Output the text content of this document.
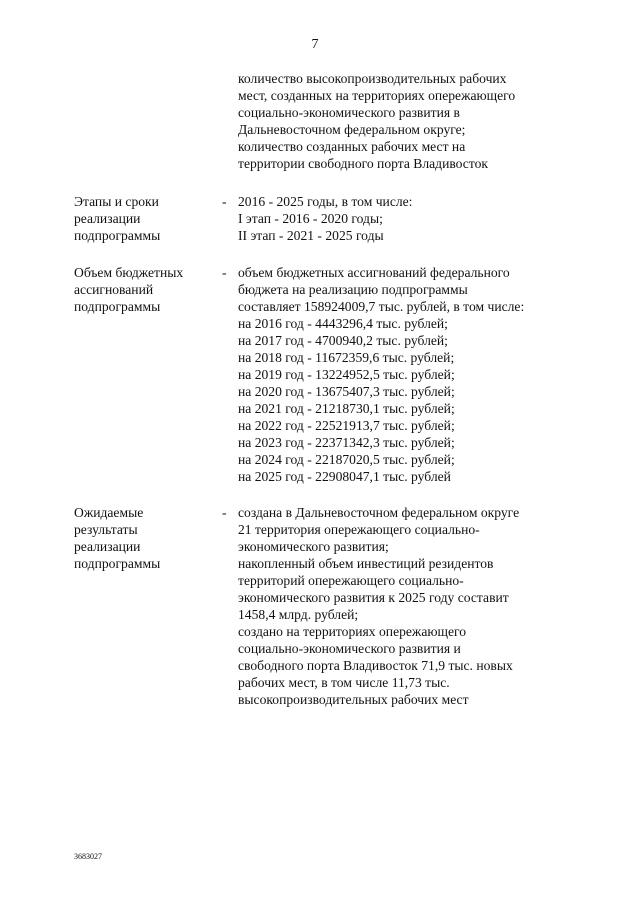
7
количество высокопроизводительных рабочих
мест, созданных на территориях опережающего
социально-экономического развития в
Дальневосточном федеральном округе;
количество созданных рабочих мест на
территории свободного порта Владивосток
Этапы и сроки
реализации
подпрограммы
- 2016 - 2025 годы, в том числе:
I этап - 2016 - 2020 годы;
II этап - 2021 - 2025 годы
Объем бюджетных
ассигнований
подпрограммы
- объем бюджетных ассигнований федерального
бюджета на реализацию подпрограммы
составляет 158924009,7 тыс. рублей, в том числе:
на 2016 год - 4443296,4 тыс. рублей;
на 2017 год - 4700940,2 тыс. рублей;
на 2018 год - 11672359,6 тыс. рублей;
на 2019 год - 13224952,5 тыс. рублей;
на 2020 год - 13675407,3 тыс. рублей;
на 2021 год - 21218730,1 тыс. рублей;
на 2022 год - 22521913,7 тыс. рублей;
на 2023 год - 22371342,3 тыс. рублей;
на 2024 год - 22187020,5 тыс. рублей;
на 2025 год - 22908047,1 тыс. рублей
Ожидаемые
результаты
реализации
подпрограммы
- создана в Дальневосточном федеральном округе
21 территория опережающего социально-
экономического развития;
накопленный объем инвестиций резидентов
территорий опережающего социально-
экономического развития к 2025 году составит
1458,4 млрд. рублей;
создано на территориях опережающего
социально-экономического развития и
свободного порта Владивосток 71,9 тыс. новых
рабочих мест, в том числе 11,73 тыс.
высокопроизводительных рабочих мест
3683027
